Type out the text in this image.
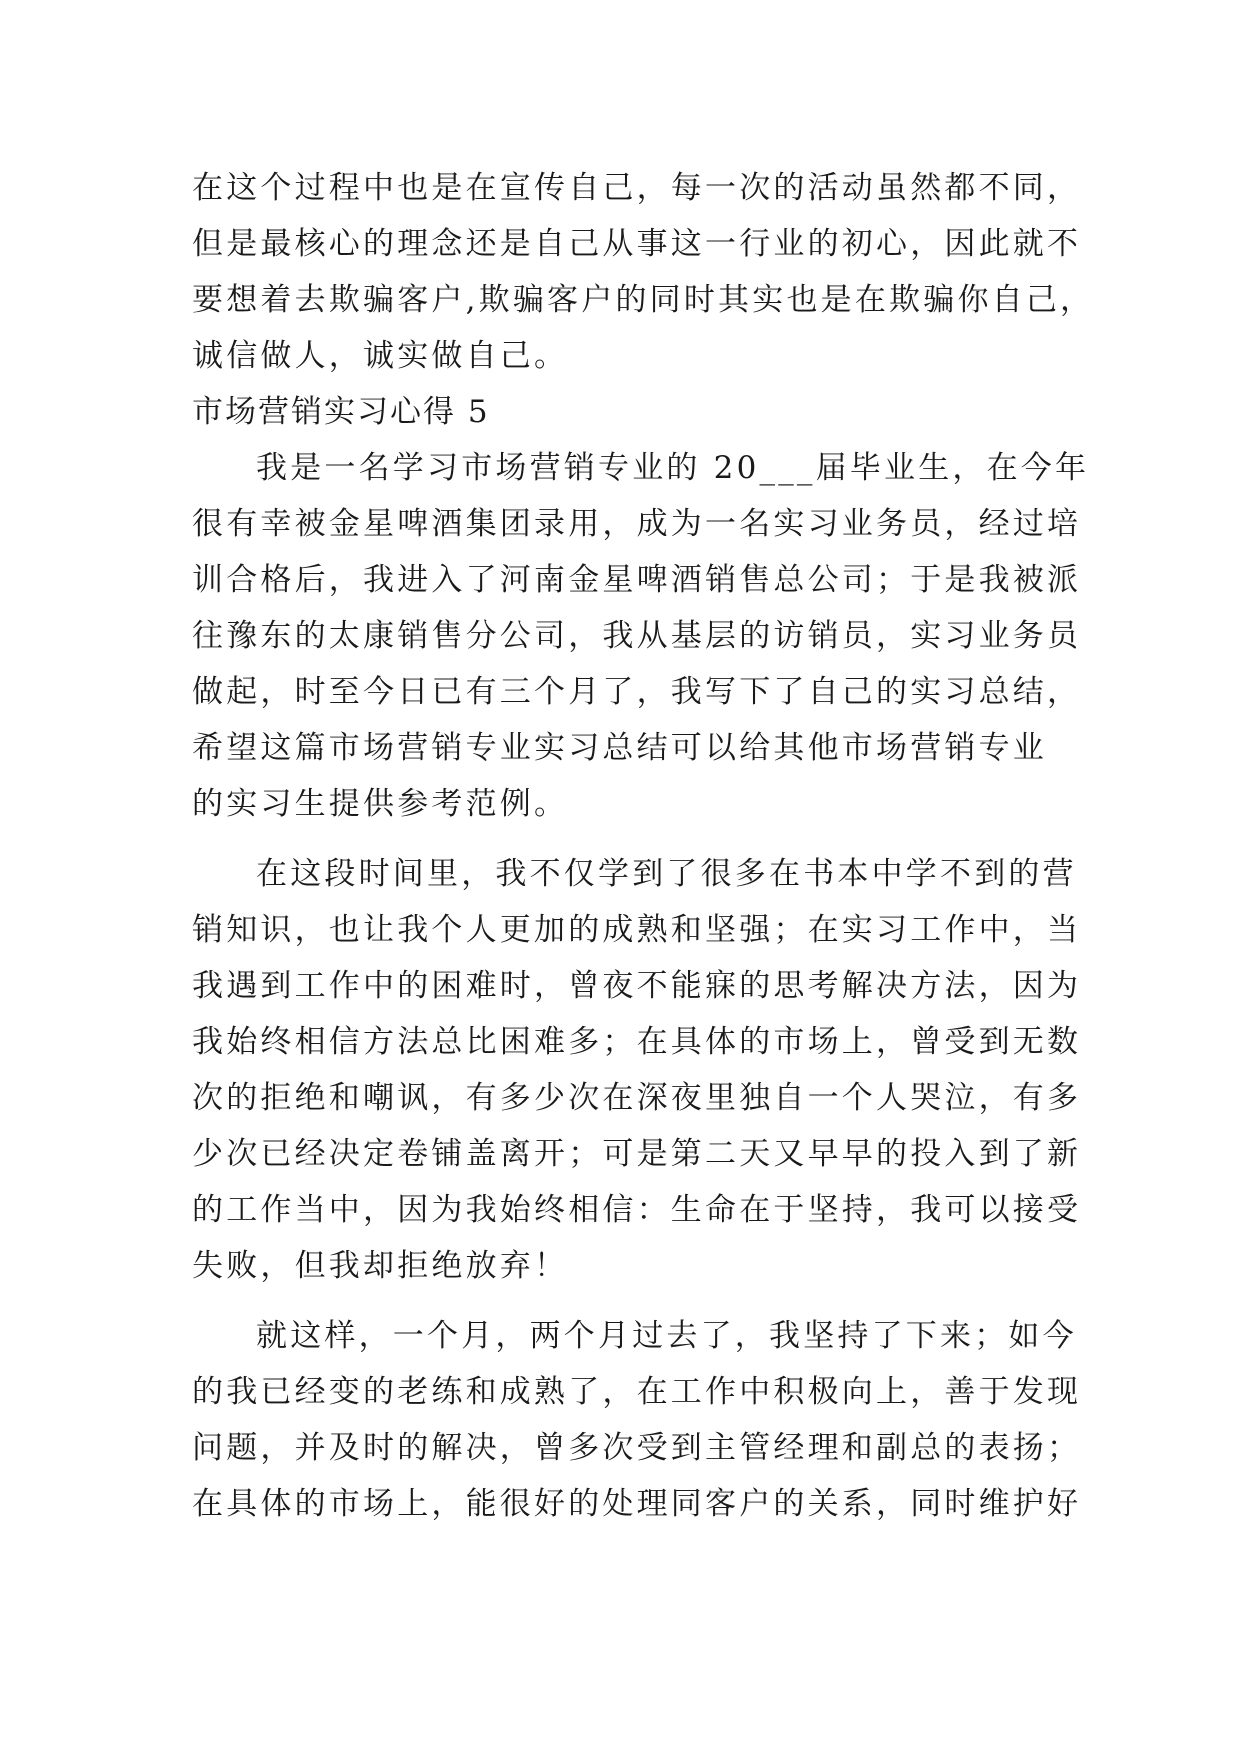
在这个过程中也是在宣传自己，每一次的活动虽然都不同，
但是最核心的理念还是自己从事这一行业的初心，因此就不
要想着去欺骗客户,欺骗客户的同时其实也是在欺骗你自己，
诚信做人，诚实做自己。
市场营销实习心得 5
我是一名学习市场营销专业的 20___届毕业生，在今年
很有幸被金星啤酒集团录用，成为一名实习业务员，经过培
训合格后，我进入了河南金星啤酒销售总公司；于是我被派
往豫东的太康销售分公司，我从基层的访销员，实习业务员
做起，时至今日已有三个月了，我写下了自己的实习总结，
希望这篇市场营销专业实习总结可以给其他市场营销专业
的实习生提供参考范例。
在这段时间里，我不仅学到了很多在书本中学不到的营
销知识，也让我个人更加的成熟和坚强；在实习工作中，当
我遇到工作中的困难时，曾夜不能寐的思考解决方法，因为
我始终相信方法总比困难多；在具体的市场上，曾受到无数
次的拒绝和嘲讽，有多少次在深夜里独自一个人哭泣，有多
少次已经决定卷铺盖离开；可是第二天又早早的投入到了新
的工作当中，因为我始终相信：生命在于坚持，我可以接受
失败，但我却拒绝放弃！
就这样，一个月，两个月过去了，我坚持了下来；如今
的我已经变的老练和成熟了，在工作中积极向上，善于发现
问题，并及时的解决，曾多次受到主管经理和副总的表扬；
在具体的市场上，能很好的处理同客户的关系，同时维护好
